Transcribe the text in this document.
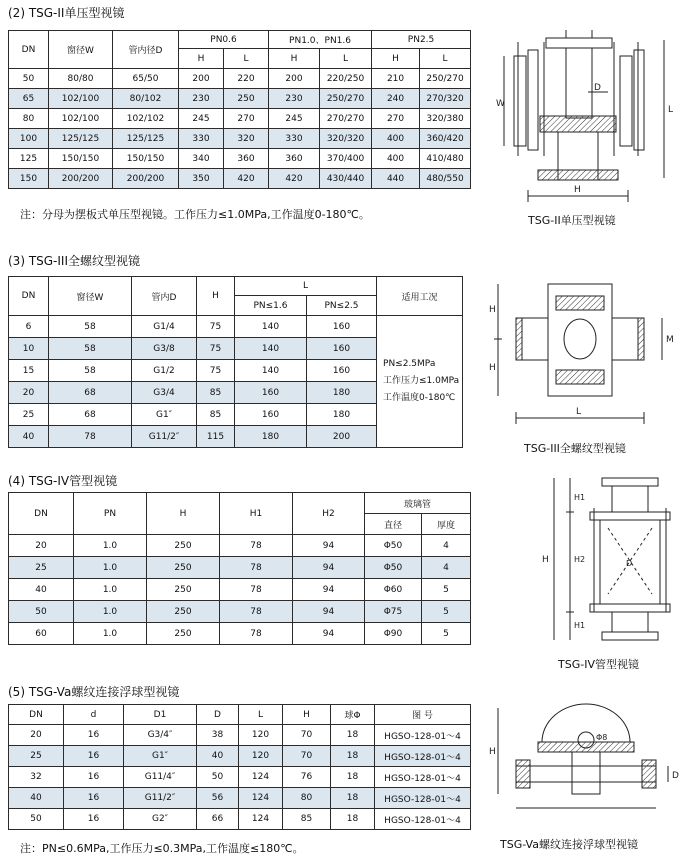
(2) TSG-II单压型视镜
DN	窗径W	管内径D	PN0.6		PN1.0、PN1.6		PN2.5	
			H	L	H	L	H	L
50	80/80	65/50	200	220	200	220/250	210	250/270
65	102/100	80/102	230	250	230	250/270	240	270/320
80	102/100	102/102	245	270	245	270/270	270	320/380
100	125/125	125/125	330	320	330	320/320	400	360/420
125	150/150	150/150	340	360	360	370/400	400	410/480
150	200/200	200/200	350	420	420	430/440	440	480/550
注：分母为摆板式单压型视镜。工作压力≤1.0MPa,工作温度0-180℃。
W
D
L
H
TSG-II单压型视镜
(3) TSG-III全螺纹型视镜
DN	窗径W	管内D	H	L		适用工况
				PN≤1.6	PN≤2.5	
6	58	G1/4	75	140	160	PN≤2.5MPa
工作压力≤1.0MPa
工作温度0-180℃

10	58	G3/8	75	140	160	
15	58	G1/2	75	140	160	
20	68	G3/4	85	160	180	
25	68	G1″	85	160	180	
40	78	G11/2″	115	180	200	
H
H
M
L
TSG-III全螺纹型视镜
(4) TSG-IV管型视镜
DN	PN	H	H1	H2	玻璃管	
					直径	厚度
20	1.0	250	78	94	Φ50	4
25	1.0	250	78	94	Φ50	4
40	1.0	250	78	94	Φ60	5
50	1.0	250	78	94	Φ75	5
60	1.0	250	78	94	Φ90	5
H1
H2
H1
H	D
TSG-IV管型视镜
(5) TSG-Va螺纹连接浮球型视镜
DN	d	D1	D	L	H	球Φ	图 号
20	16	G3/4″	38	120	70	18	HGSO-128-01～4
25	16	G1″	40	120	70	18	HGSO-128-01～4
32	16	G11/4″	50	124	76	18	HGSO-128-01～4
40	16	G11/2″	56	124	80	18	HGSO-128-01～4
50	16	G2″	66	124	85	18	HGSO-128-01～4
注：PN≤0.6MPa,工作压力≤0.3MPa,工作温度≤180℃。
H
D
Φ8
TSG-Va螺纹连接浮球型视镜
